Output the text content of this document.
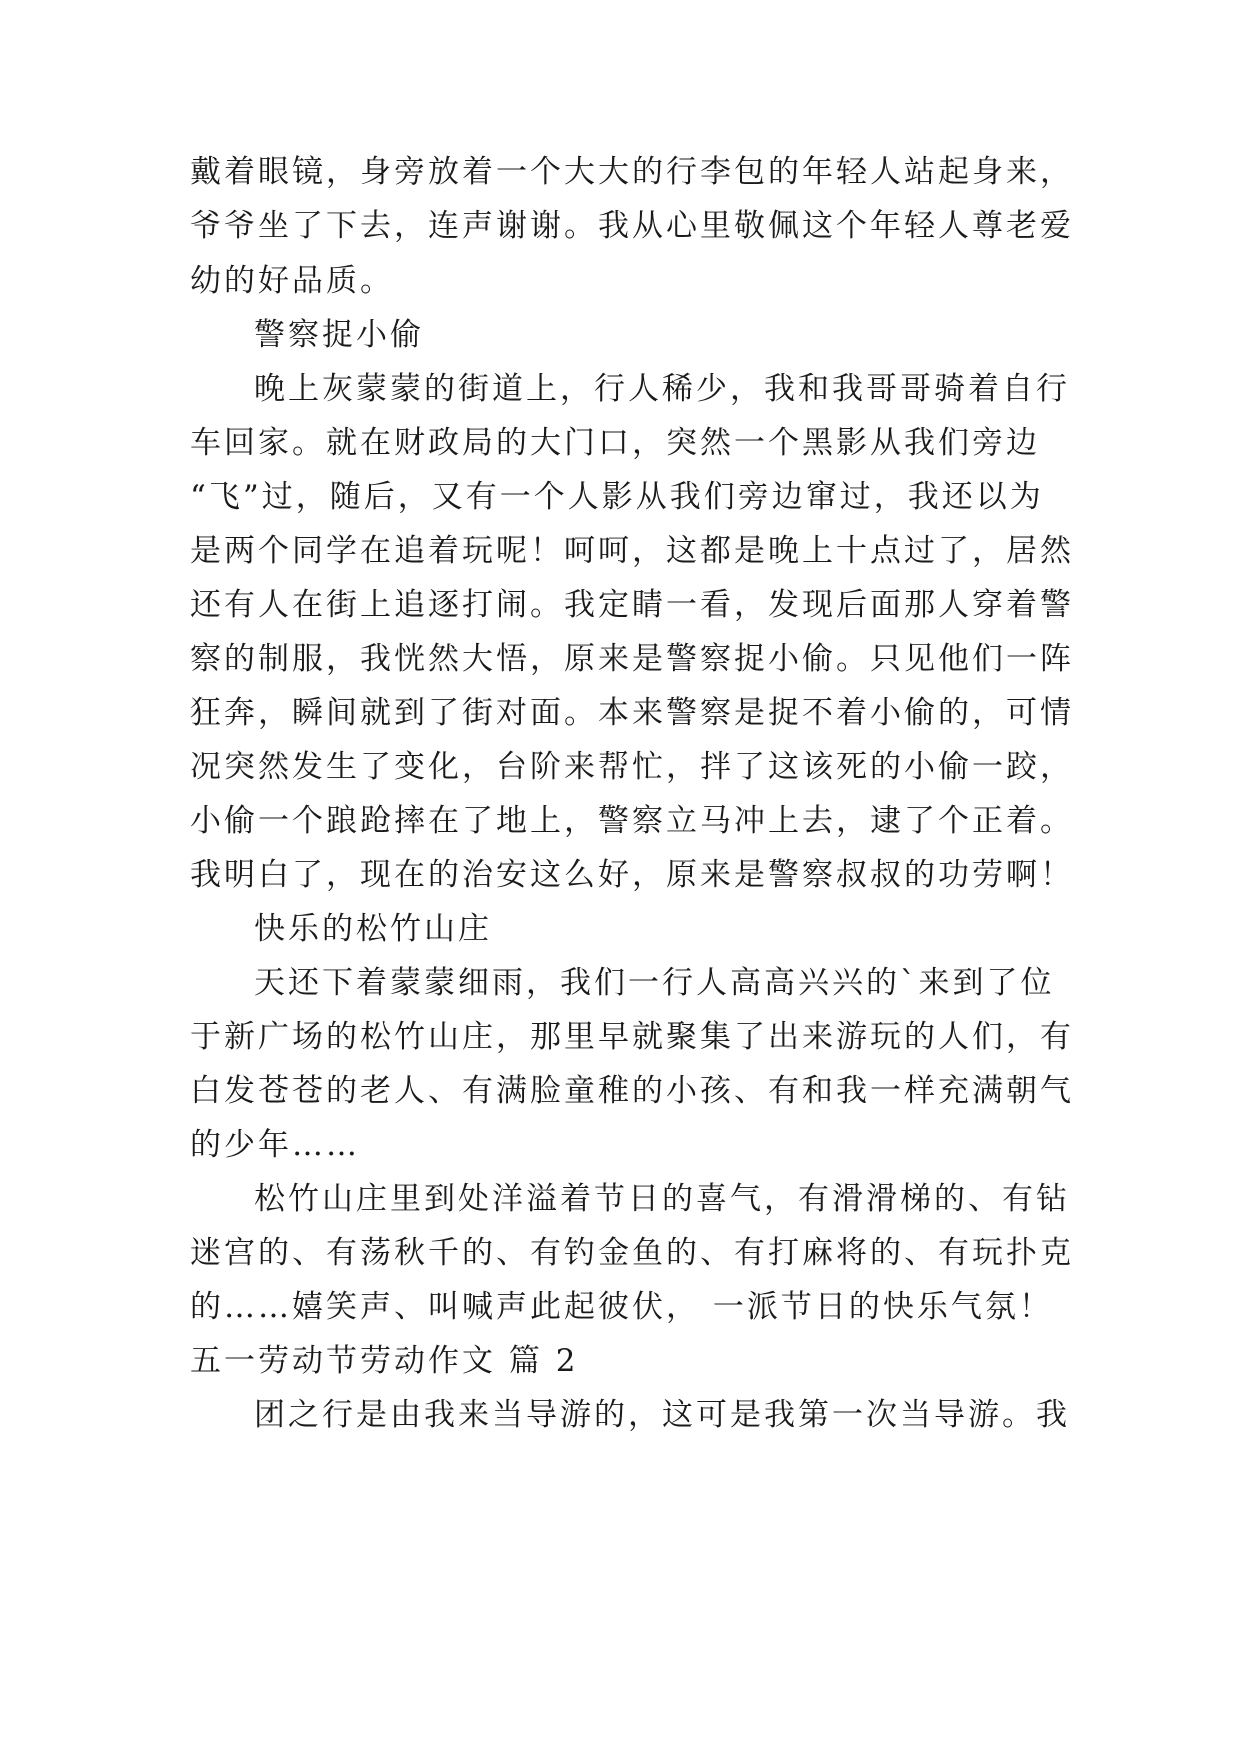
戴着眼镜，身旁放着一个大大的行李包的年轻人站起身来，
爷爷坐了下去，连声谢谢。我从心里敬佩这个年轻人尊老爱
幼的好品质。
警察捉小偷
晚上灰蒙蒙的街道上，行人稀少，我和我哥哥骑着自行
车回家。就在财政局的大门口，突然一个黑影从我们旁边
“飞”过，随后，又有一个人影从我们旁边窜过，我还以为
是两个同学在追着玩呢！呵呵，这都是晚上十点过了，居然
还有人在街上追逐打闹。我定睛一看，发现后面那人穿着警
察的制服，我恍然大悟，原来是警察捉小偷。只见他们一阵
狂奔，瞬间就到了街对面。本来警察是捉不着小偷的，可情
况突然发生了变化，台阶来帮忙，拌了这该死的小偷一跤，
小偷一个踉跄摔在了地上，警察立马冲上去，逮了个正着。
我明白了，现在的治安这么好，原来是警察叔叔的功劳啊！
快乐的松竹山庄
天还下着蒙蒙细雨，我们一行人高高兴兴的`来到了位
于新广场的松竹山庄，那里早就聚集了出来游玩的人们，有
白发苍苍的老人、有满脸童稚的小孩、有和我一样充满朝气
的少年……
松竹山庄里到处洋溢着节日的喜气，有滑滑梯的、有钻
迷宫的、有荡秋千的、有钓金鱼的、有打麻将的、有玩扑克
的……嬉笑声、叫喊声此起彼伏， 一派节日的快乐气氛！
五一劳动节劳动作文 篇 2
团之行是由我来当导游的，这可是我第一次当导游。我
